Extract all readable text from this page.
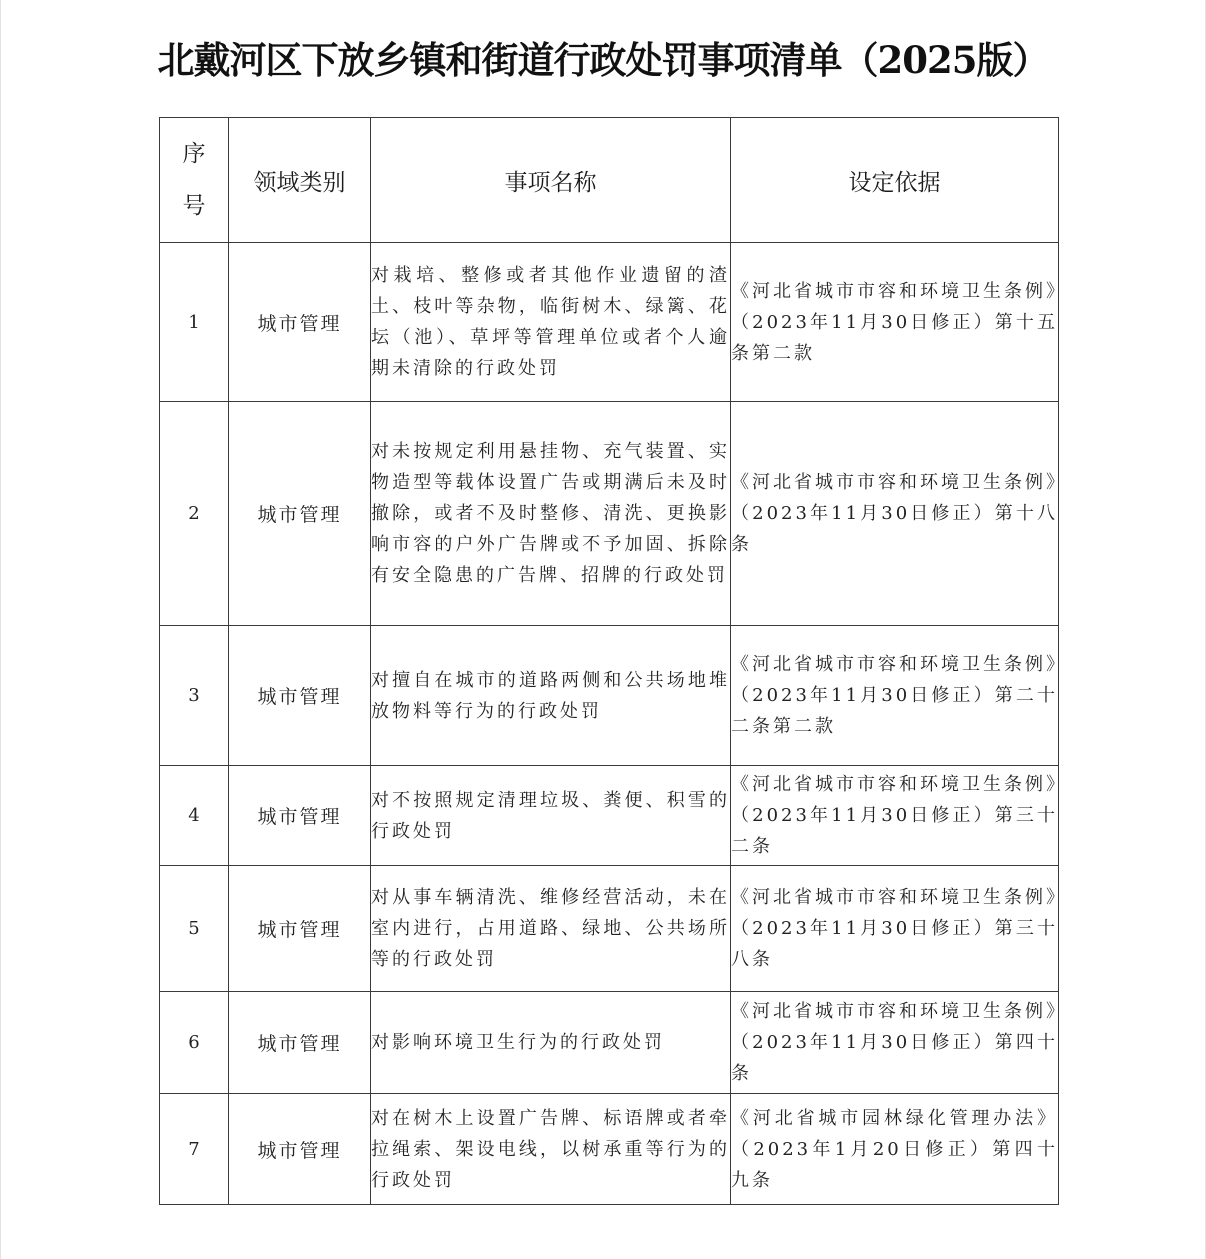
北戴河区下放乡镇和街道行政处罚事项清单（2025版）
序号	领域类别	事项名称	设定依据
1	城市管理	对栽培、整修或者其他作业遗留的渣土、枝叶等杂物，临街树木、绿篱、花坛（池）、草坪等管理单位或者个人逾期未清除的行政处罚	《河北省城市市容和环境卫生条例》（2023年11月30日修正）第十五条第二款
2	城市管理	对未按规定利用悬挂物、充气装置、实物造型等载体设置广告或期满后未及时撤除，或者不及时整修、清洗、更换影响市容的户外广告牌或不予加固、拆除有安全隐患的广告牌、招牌的行政处罚	《河北省城市市容和环境卫生条例》（2023年11月30日修正）第十八条
3	城市管理	对擅自在城市的道路两侧和公共场地堆放物料等行为的行政处罚	《河北省城市市容和环境卫生条例》（2023年11月30日修正）第二十二条第二款
4	城市管理	对不按照规定清理垃圾、粪便、积雪的行政处罚	《河北省城市市容和环境卫生条例》（2023年11月30日修正）第三十二条
5	城市管理	对从事车辆清洗、维修经营活动，未在室内进行，占用道路、绿地、公共场所等的行政处罚	《河北省城市市容和环境卫生条例》（2023年11月30日修正）第三十八条
6	城市管理	对影响环境卫生行为的行政处罚	《河北省城市市容和环境卫生条例》（2023年11月30日修正）第四十条
7	城市管理	对在树木上设置广告牌、标语牌或者牵拉绳索、架设电线，以树承重等行为的行政处罚	《河北省城市园林绿化管理办法》（2023年1月20日修正）第四十九条
